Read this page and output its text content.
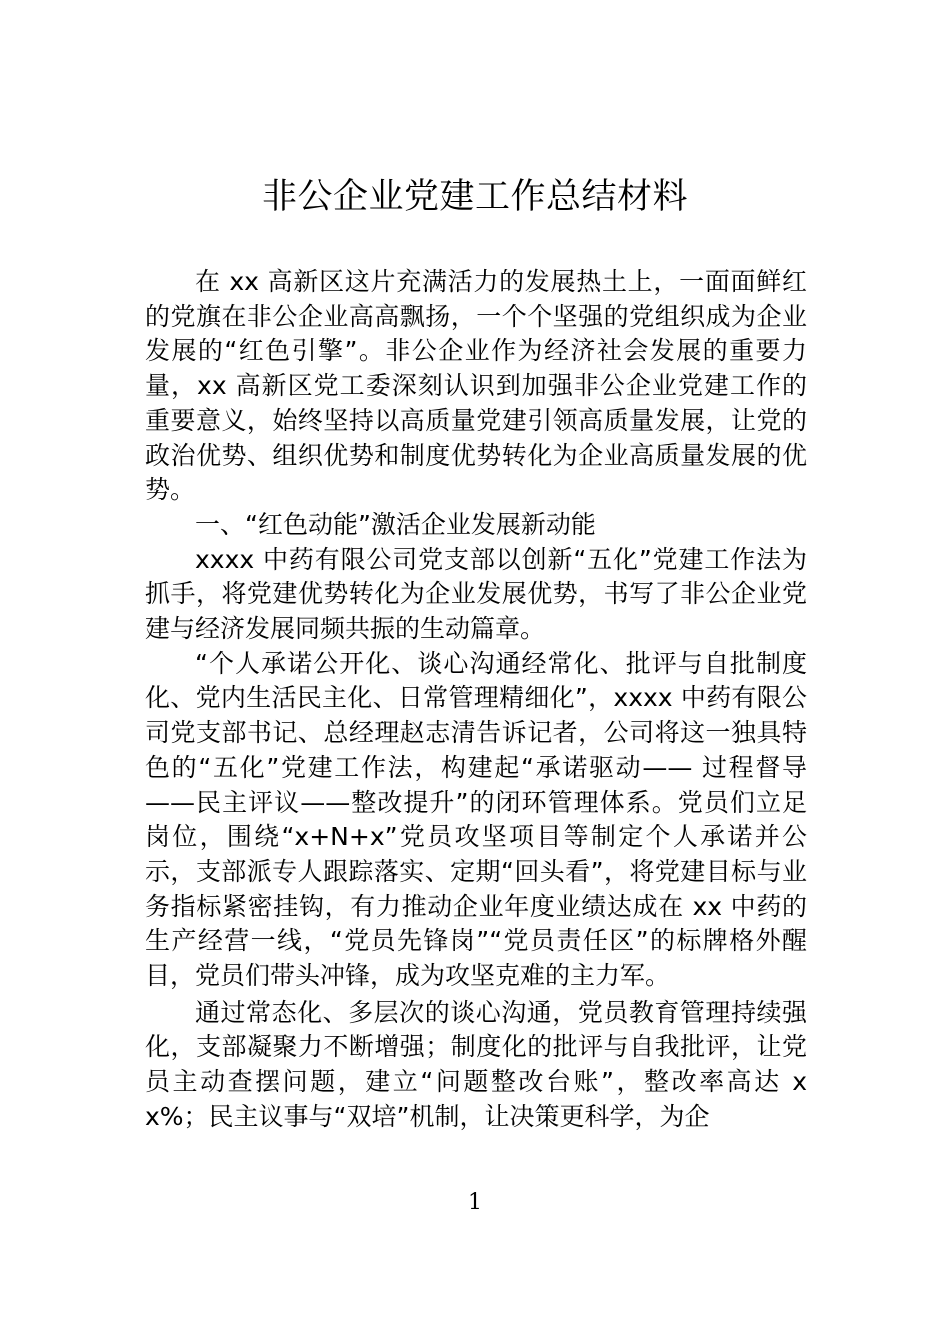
非公企业党建工作总结材料

在 xx 高新区这片充满活力的发展热土上，一面面鲜红的党旗在非公企业高高飘扬，一个个坚强的党组织成为企业发展的“红色引擎”。非公企业作为经济社会发展的重要力量，xx 高新区党工委深刻认识到加强非公企业党建工作的重要意义，始终坚持以高质量党建引领高质量发展，让党的政治优势、组织优势和制度优势转化为企业高质量发展的优势。

一、“红色动能”激活企业发展新动能

xxxx 中药有限公司党支部以创新“五化”党建工作法为抓手，将党建优势转化为企业发展优势，书写了非公企业党建与经济发展同频共振的生动篇章。

“个人承诺公开化、谈心沟通经常化、批评与自批制度化、党内生活民主化、日常管理精细化”，xxxx 中药有限公司党支部书记、总经理赵志清告诉记者，公司将这一独具特色的“五化”党建工作法，构建起“承诺驱动—— 过程督导——民主评议——整改提升”的闭环管理体系。党员们立足岗位，围绕“x+N+x”党员攻坚项目等制定个人承诺并公示，支部派专人跟踪落实、定期“回头看”，将党建目标与业务指标紧密挂钩，有力推动企业年度业绩达成在 xx 中药的生产经营一线，“党员先锋岗”“党员责任区”的标牌格外醒目，党员们带头冲锋，成为攻坚克难的主力军。

通过常态化、多层次的谈心沟通，党员教育管理持续强化，支部凝聚力不断增强；制度化的批评与自我批评，让党员主动查摆问题，建立“问题整改台账”，整改率高达 xx%；民主议事与“双培”机制，让决策更科学，为企

1
